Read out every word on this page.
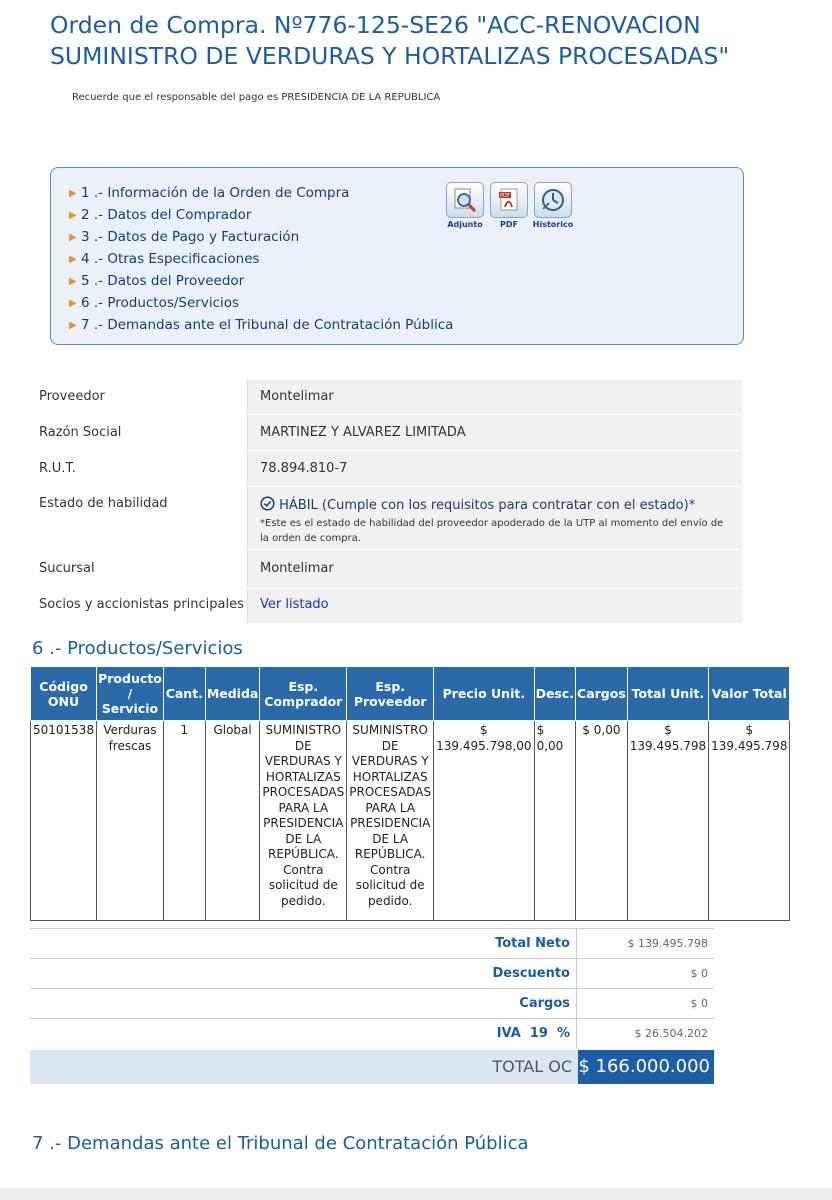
Orden de Compra. Nº776-125-SE26 "ACC-RENOVACION SUMINISTRO DE VERDURAS Y HORTALIZAS PROCESADAS"
Recuerde que el responsable del pago es PRESIDENCIA DE LA REPUBLICA
▶ 1 .- Información de la Orden de Compra
▶ 2 .- Datos del Comprador
▶ 3 .- Datos de Pago y Facturación
▶ 4 .- Otras Especificaciones
▶ 5 .- Datos del Proveedor
▶ 6 .- Productos/Servicios
▶ 7 .- Demandas ante el Tribunal de Contratación Pública
Adjunto
PDF
PDF	Historico
Proveedor	Montelimar
Razón Social	MARTINEZ Y ALVAREZ LIMITADA
R.U.T.	78.894.810-7
Estado de habilidad	HÁBIL (Cumple con los requisitos para contratar con el estado)*
*Este es el estado de habilidad del proveedor apoderado de la UTP al momento del envío de la orden de compra.
Sucursal	Montelimar
Socios y accionistas principales	Ver listado
6 .- Productos/Servicios
Código ONU	Producto / Servicio	Cant.	Medida	Esp. Comprador	Esp. Proveedor	Precio Unit.	Desc.	Cargos	Total Unit.	Valor Total
50101538	Verduras frescas	1	Global	SUMINISTRO DE VERDURAS Y HORTALIZAS PROCESADAS PARA LA PRESIDENCIA DE LA REPÚBLICA. Contra solicitud de pedido.	SUMINISTRO DE VERDURAS Y HORTALIZAS PROCESADAS PARA LA PRESIDENCIA DE LA REPÚBLICA. Contra solicitud de pedido.	$ 139.495.798,00	$ 0,00	$ 0,00	$ 139.495.798	$ 139.495.798
Total Neto	$ 139.495.798
Descuento	$ 0
Cargos	$ 0
IVA  19  %	$ 26.504.202
TOTAL OC $ 166.000.000
7 .- Demandas ante el Tribunal de Contratación Pública
